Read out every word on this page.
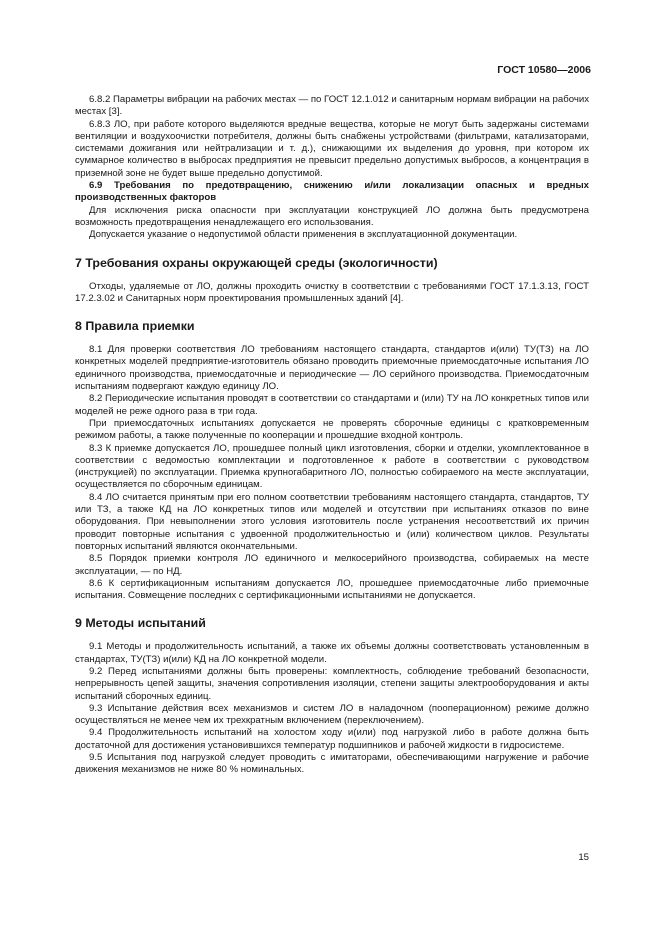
ГОСТ 10580—2006

6.8.2 Параметры вибрации на рабочих местах — по ГОСТ 12.1.012 и санитарным нормам вибрации на рабочих местах [3].

6.8.3 ЛО, при работе которого выделяются вредные вещества, которые не могут быть задержаны системами вентиляции и воздухоочистки потребителя, должны быть снабжены устройствами (фильтрами, катализаторами, системами дожигания или нейтрализации и т. д.), снижающими их выделения до уровня, при котором их суммарное количество в выбросах предприятия не превысит предельно допустимых выбросов, а концентрация в приземной зоне не будет выше предельно допустимой.

6.9 Требования по предотвращению, снижению и/или локализации опасных и вредных производственных факторов

Для исключения риска опасности при эксплуатации конструкцией ЛО должна быть предусмотрена возможность предотвращения ненадлежащего его использования.

Допускается указание о недопустимой области применения в эксплуатационной документации.

7 Требования охраны окружающей среды (экологичности)

Отходы, удаляемые от ЛО, должны проходить очистку в соответствии с требованиями ГОСТ 17.1.3.13, ГОСТ 17.2.3.02 и Санитарных норм проектирования промышленных зданий [4].

8 Правила приемки

8.1 Для проверки соответствия ЛО требованиям настоящего стандарта, стандартов и(или) ТУ(ТЗ) на ЛО конкретных моделей предприятие-изготовитель обязано проводить приемочные приемосдаточные испытания ЛО единичного производства, приемосдаточные и периодические — ЛО серийного производства. Приемосдаточным испытаниям подвергают каждую единицу ЛО.

8.2 Периодические испытания проводят в соответствии со стандартами и (или) ТУ на ЛО конкретных типов или моделей не реже одного раза в три года.

При приемосдаточных испытаниях допускается не проверять сборочные единицы с кратковременным режимом работы, а также полученные по кооперации и прошедшие входной контроль.

8.3 К приемке допускается ЛО, прошедшее полный цикл изготовления, сборки и отделки, укомплектованное в соответствии с ведомостью комплектации и подготовленное к работе в соответствии с руководством (инструкцией) по эксплуатации. Приемка крупногабаритного ЛО, полностью собираемого на месте эксплуатации, осуществляется по сборочным единицам.

8.4 ЛО считается принятым при его полном соответствии требованиям настоящего стандарта, стандартов, ТУ или ТЗ, а также КД на ЛО конкретных типов или моделей и отсутствии при испытаниях отказов по вине оборудования. При невыполнении этого условия изготовитель после устранения несоответствий их причин проводит повторные испытания с удвоенной продолжительностью и (или) количеством циклов. Результаты повторных испытаний являются окончательными.

8.5 Порядок приемки контроля ЛО единичного и мелкосерийного производства, собираемых на месте эксплуатации, — по НД.

8.6 К сертификационным испытаниям допускается ЛО, прошедшее приемосдаточные либо приемочные испытания. Совмещение последних с сертификационными испытаниями не допускается.

9 Методы испытаний

9.1 Методы и продолжительность испытаний, а также их объемы должны соответствовать установленным в стандартах, ТУ(ТЗ) и(или) КД на ЛО конкретной модели.

9.2 Перед испытаниями должны быть проверены: комплектность, соблюдение требований безопасности, непрерывность цепей защиты, значения сопротивления изоляции, степени защиты электрооборудования и акты испытаний сборочных единиц.

9.3 Испытание действия всех механизмов и систем ЛО в наладочном (пооперационном) режиме должно осуществляться не менее чем их трехкратным включением (переключением).

9.4 Продолжительность испытаний на холостом ходу и(или) под нагрузкой либо в работе должна быть достаточной для достижения установившихся температур подшипников и рабочей жидкости в гидросистеме.

9.5 Испытания под нагрузкой следует проводить с имитаторами, обеспечивающими нагружение и рабочие движения механизмов не ниже 80 % номинальных.

15
